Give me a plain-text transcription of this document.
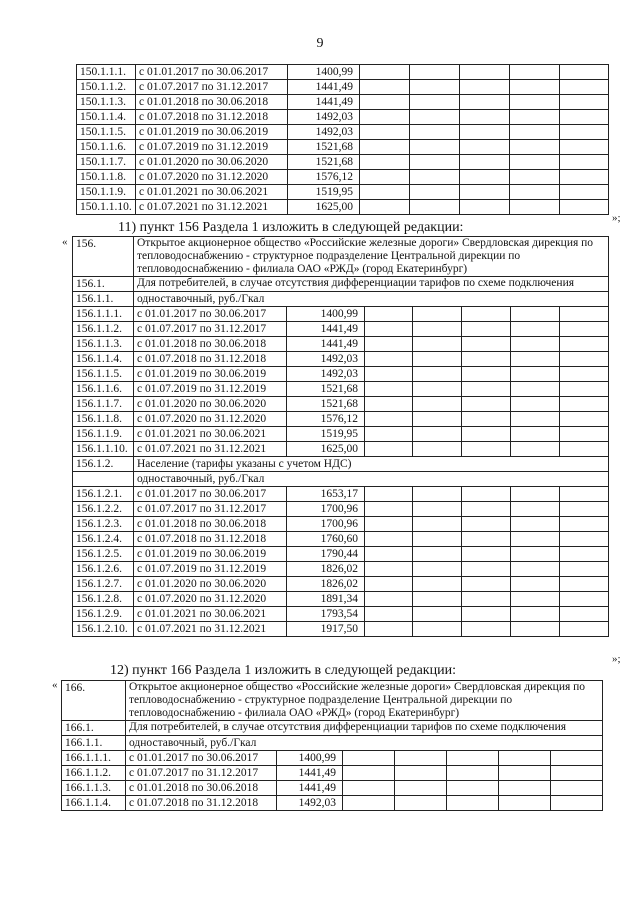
9
150.1.1.1.	с 01.01.2017 по 30.06.2017	1400,99					
150.1.1.2.	с 01.07.2017 по 31.12.2017	1441,49					
150.1.1.3.	с 01.01.2018 по 30.06.2018	1441,49					
150.1.1.4.	с 01.07.2018 по 31.12.2018	1492,03					
150.1.1.5.	с 01.01.2019 по 30.06.2019	1492,03					
150.1.1.6.	с 01.07.2019 по 31.12.2019	1521,68					
150.1.1.7.	с 01.01.2020 по 30.06.2020	1521,68					
150.1.1.8.	с 01.07.2020 по 31.12.2020	1576,12					
150.1.1.9.	с 01.01.2021 по 30.06.2021	1519,95					
150.1.1.10.	с 01.07.2021 по 31.12.2021	1625,00					
»;
11) пункт 156 Раздела 1 изложить в следующей редакции:
« 156.	Открытое акционерное общество «Российские железные дороги» Свердловская дирекция по тепловодоснабжению - структурное подразделение Центральной дирекции по тепловодоснабжению - филиала ОАО «РЖД» (город Екатеринбург)						
156.1.	Для потребителей, в случае отсутствия дифференциации тарифов по схеме подключения						
156.1.1.	одноставочный, руб./Гкал						
156.1.1.1.	с 01.01.2017 по 30.06.2017	1400,99					
156.1.1.2.	с 01.07.2017 по 31.12.2017	1441,49					
156.1.1.3.	с 01.01.2018 по 30.06.2018	1441,49					
156.1.1.4.	с 01.07.2018 по 31.12.2018	1492,03					
156.1.1.5.	с 01.01.2019 по 30.06.2019	1492,03					
156.1.1.6.	с 01.07.2019 по 31.12.2019	1521,68					
156.1.1.7.	с 01.01.2020 по 30.06.2020	1521,68					
156.1.1.8.	с 01.07.2020 по 31.12.2020	1576,12					
156.1.1.9.	с 01.01.2021 по 30.06.2021	1519,95					
156.1.1.10.	с 01.07.2021 по 31.12.2021	1625,00					
156.1.2.	Население (тарифы указаны с учетом НДС)						
	одноставочный, руб./Гкал						
156.1.2.1.	с 01.01.2017 по 30.06.2017	1653,17					
156.1.2.2.	с 01.07.2017 по 31.12.2017	1700,96					
156.1.2.3.	с 01.01.2018 по 30.06.2018	1700,96					
156.1.2.4.	с 01.07.2018 по 31.12.2018	1760,60					
156.1.2.5.	с 01.01.2019 по 30.06.2019	1790,44					
156.1.2.6.	с 01.07.2019 по 31.12.2019	1826,02					
156.1.2.7.	с 01.01.2020 по 30.06.2020	1826,02					
156.1.2.8.	с 01.07.2020 по 31.12.2020	1891,34					
156.1.2.9.	с 01.01.2021 по 30.06.2021	1793,54					
156.1.2.10.	с 01.07.2021 по 31.12.2021	1917,50					
»;
12) пункт 166 Раздела 1 изложить в следующей редакции:
« 166.	Открытое акционерное общество «Российские железные дороги» Свердловская дирекция по тепловодоснабжению - структурное подразделение Центральной дирекции по тепловодоснабжению - филиала ОАО «РЖД» (город Екатеринбург)						
166.1.	Для потребителей, в случае отсутствия дифференциации тарифов по схеме подключения						
166.1.1.	одноставочный, руб./Гкал						
166.1.1.1.	с 01.01.2017 по 30.06.2017	1400,99					
166.1.1.2.	с 01.07.2017 по 31.12.2017	1441,49					
166.1.1.3.	с 01.01.2018 по 30.06.2018	1441,49					
166.1.1.4.	с 01.07.2018 по 31.12.2018	1492,03					
